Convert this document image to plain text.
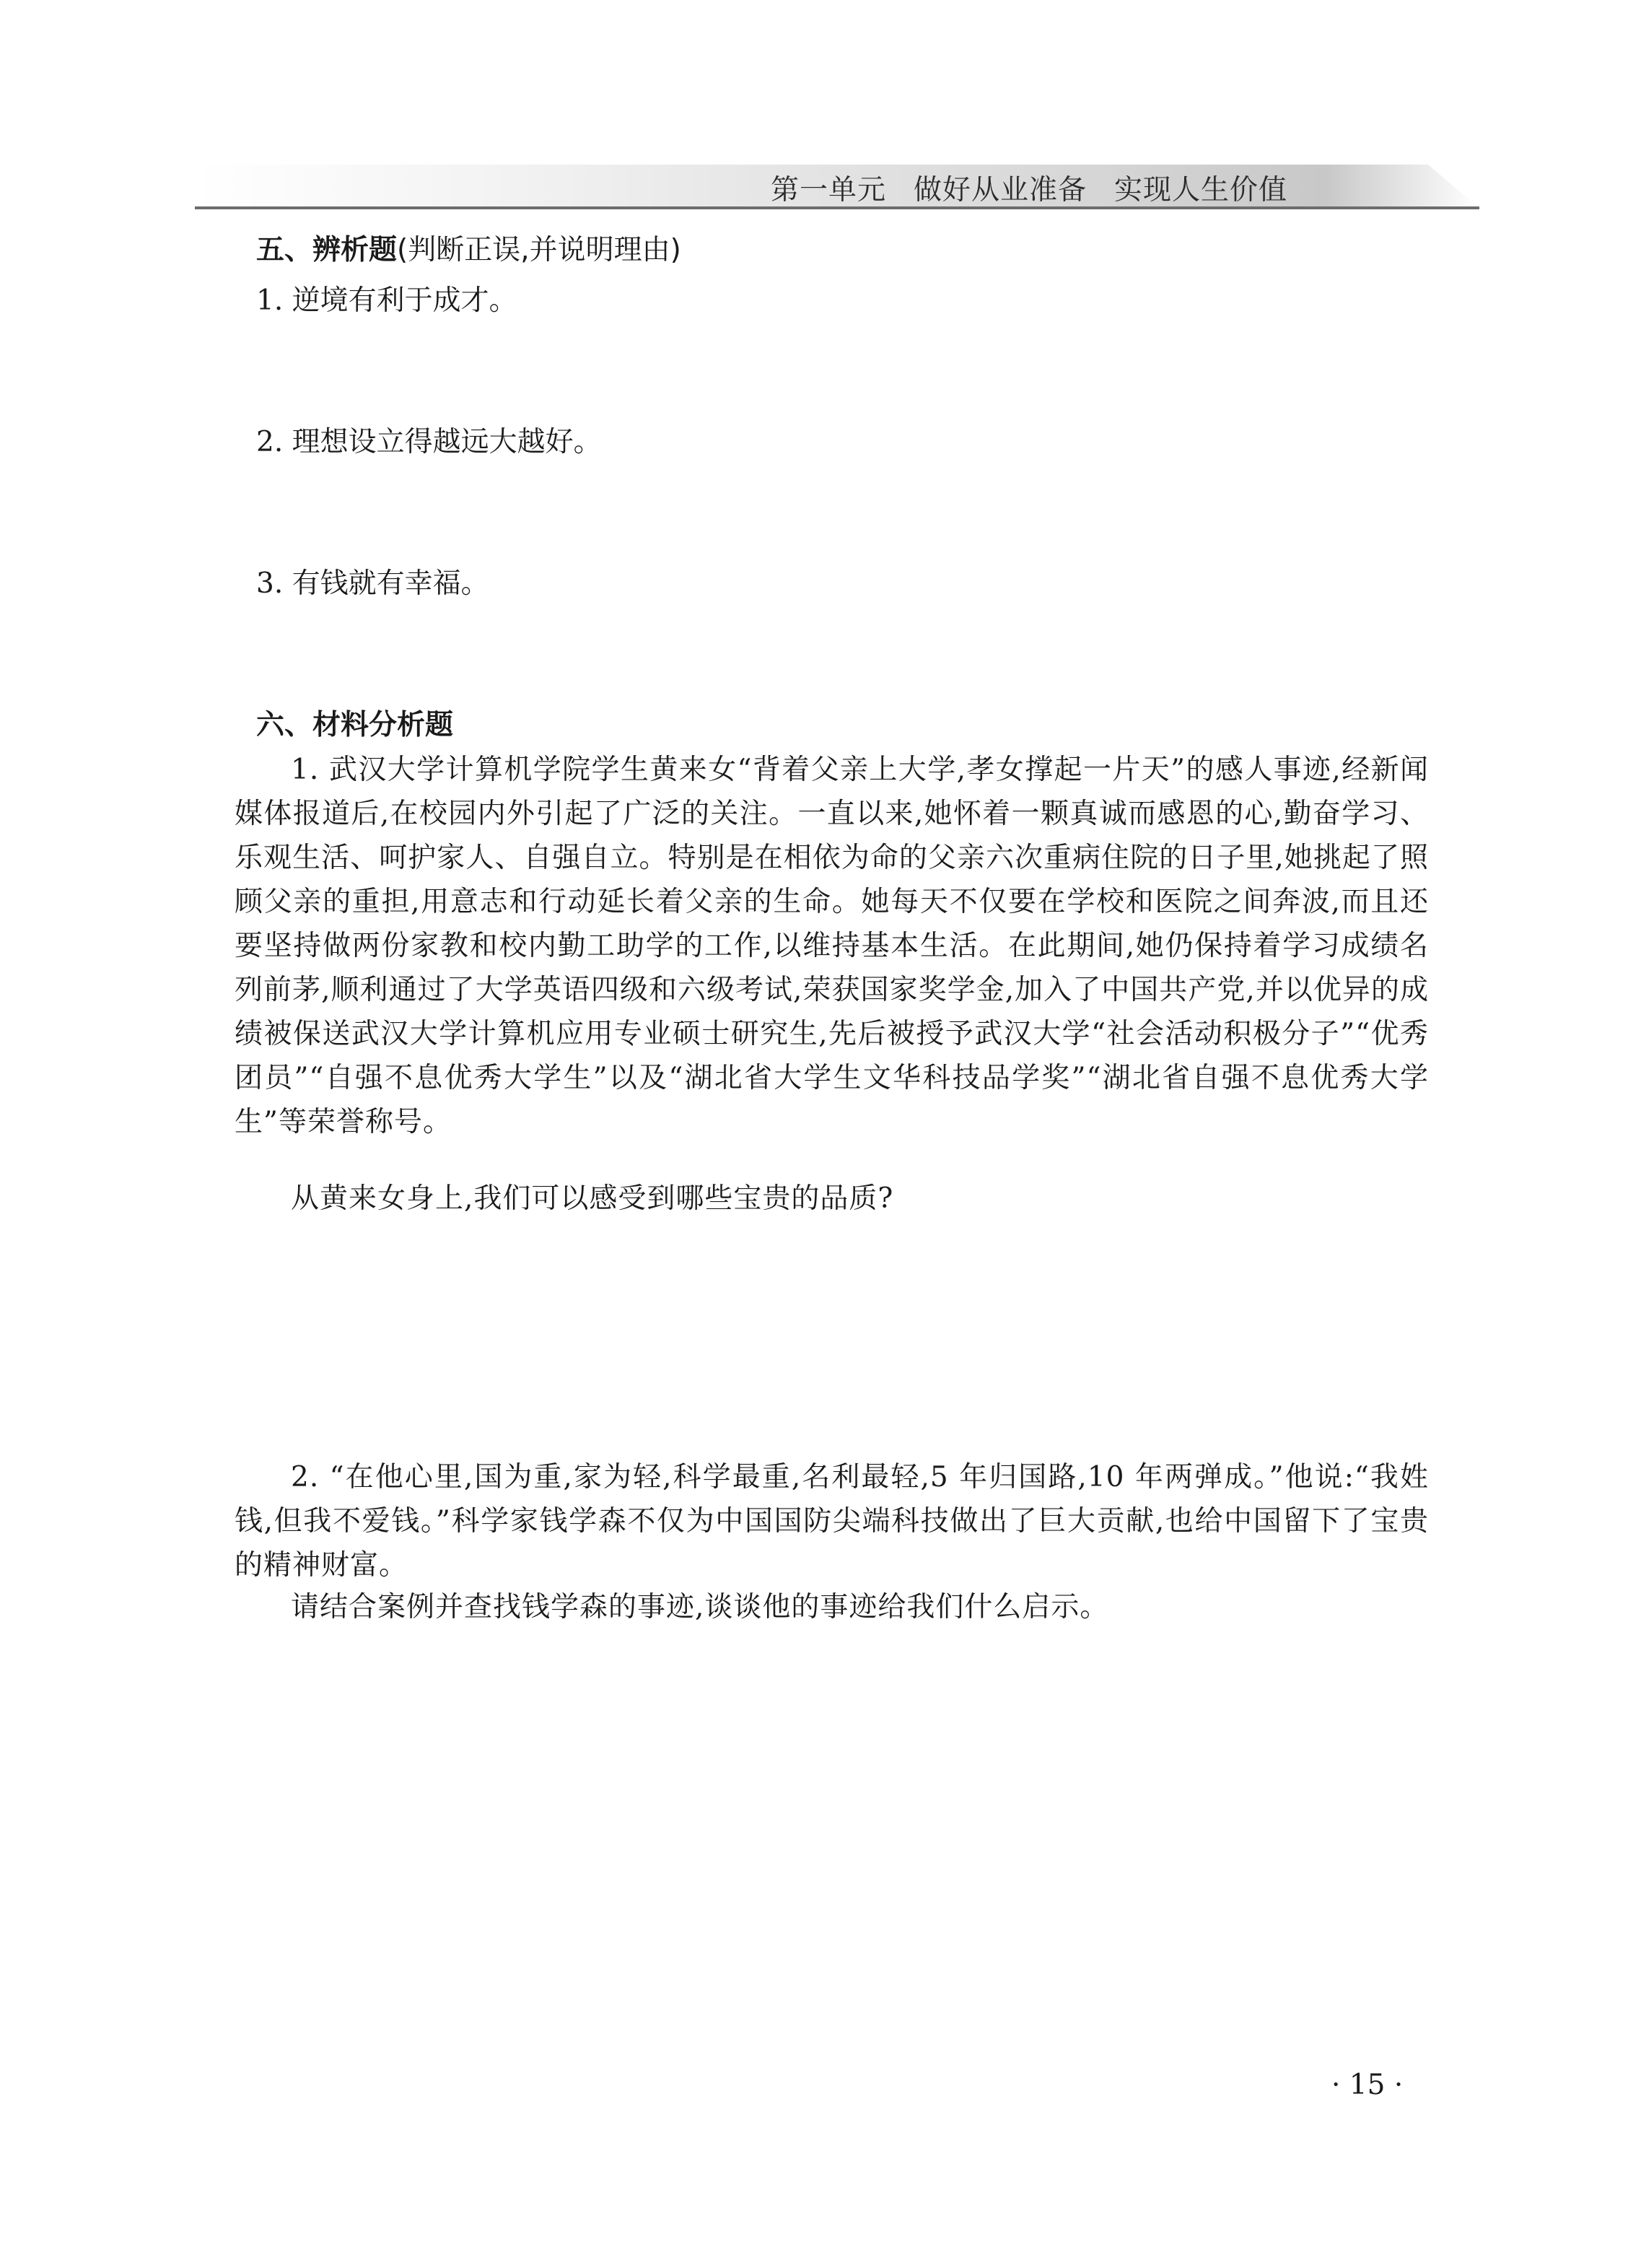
第一单元 做好从业准备 实现人生价值
五、辨析题(判断正误,并说明理由)
1. 逆境有利于成才。
2. 理想设立得越远大越好。
3. 有钱就有幸福。
六、材料分析题
1. 武汉大学计算机学院学生黄来女“背着父亲上大学,孝女撑起一片天”的感人事迹,经新闻媒体报道后,在校园内外引起了广泛的关注。一直以来,她怀着一颗真诚而感恩的心,勤奋学习、乐观生活、呵护家人、自强自立。特别是在相依为命的父亲六次重病住院的日子里,她挑起了照顾父亲的重担,用意志和行动延长着父亲的生命。她每天不仅要在学校和医院之间奔波,而且还要坚持做两份家教和校内勤工助学的工作,以维持基本生活。在此期间,她仍保持着学习成绩名列前茅,顺利通过了大学英语四级和六级考试,荣获国家奖学金,加入了中国共产党,并以优异的成绩被保送武汉大学计算机应用专业硕士研究生,先后被授予武汉大学“社会活动积极分子”“优秀团员”“自强不息优秀大学生”以及“湖北省大学生文华科技品学奖”“湖北省自强不息优秀大学生”等荣誉称号。
从黄来女身上,我们可以感受到哪些宝贵的品质?
2. “在他心里,国为重,家为轻,科学最重,名利最轻,5 年归国路,10 年两弹成。”他说:“我姓钱,但我不爱钱。”科学家钱学森不仅为中国国防尖端科技做出了巨大贡献,也给中国留下了宝贵的精神财富。
请结合案例并查找钱学森的事迹,谈谈他的事迹给我们什么启示。
· 15 ·
